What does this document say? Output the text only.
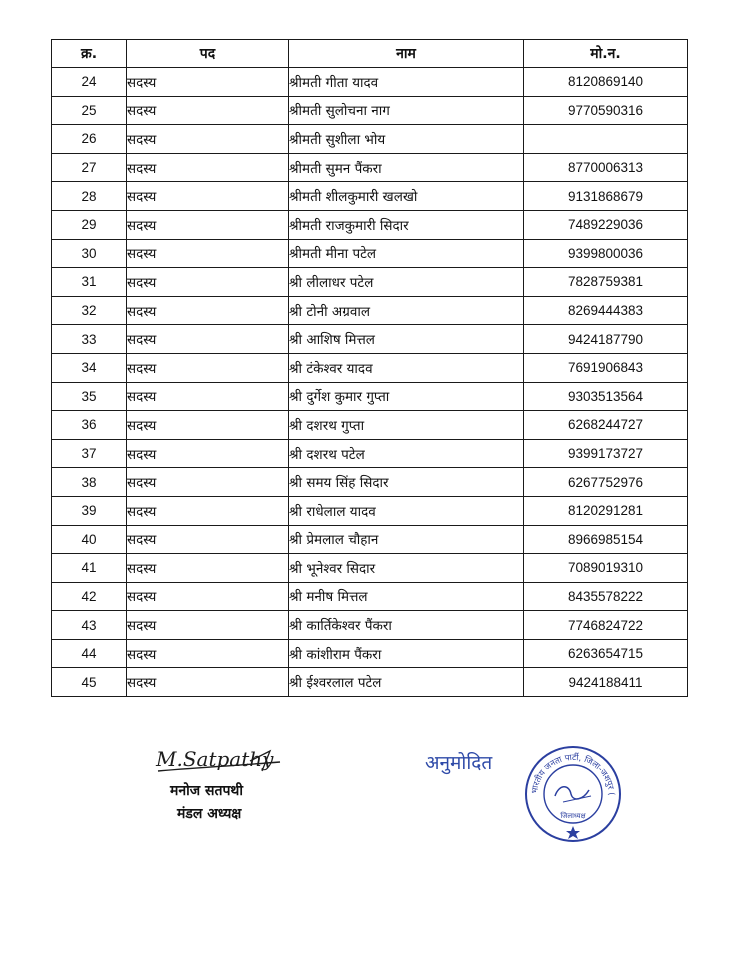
क्र.	पद	नाम	मो.न.
24	सदस्य	श्रीमती गीता यादव	8120869140
25	सदस्य	श्रीमती सुलोचना नाग	9770590316
26	सदस्य	श्रीमती सुशीला भोय	
27	सदस्य	श्रीमती सुमन पैंकरा	8770006313
28	सदस्य	श्रीमती शीलकुमारी खलखो	9131868679
29	सदस्य	श्रीमती राजकुमारी सिदार	7489229036
30	सदस्य	श्रीमती मीना पटेल	9399800036
31	सदस्य	श्री लीलाधर पटेल	7828759381
32	सदस्य	श्री टोनी अग्रवाल	8269444383
33	सदस्य	श्री आशिष मित्तल	9424187790
34	सदस्य	श्री टंकेश्वर यादव	7691906843
35	सदस्य	श्री दुर्गेश कुमार गुप्ता	9303513564
36	सदस्य	श्री दशरथ गुप्ता	6268244727
37	सदस्य	श्री दशरथ पटेल	9399173727
38	सदस्य	श्री समय सिंह सिदार	6267752976
39	सदस्य	श्री राधेलाल यादव	8120291281
40	सदस्य	श्री प्रेमलाल चौहान	8966985154
41	सदस्य	श्री भूनेश्वर सिदार	7089019310
42	सदस्य	श्री मनीष मित्तल	8435578222
43	सदस्य	श्री कार्तिकेश्वर पैंकरा	7746824722
44	सदस्य	श्री कांशीराम पैंकरा	6263654715
45	सदस्य	श्री ईश्वरलाल पटेल	9424188411
M.Satpathy
मनोज सतपथी
मंडल अध्यक्ष
अनुमोदित
भारतीय जनता पार्टी, जिला-जशपुर (
जिलाध्यक्ष
